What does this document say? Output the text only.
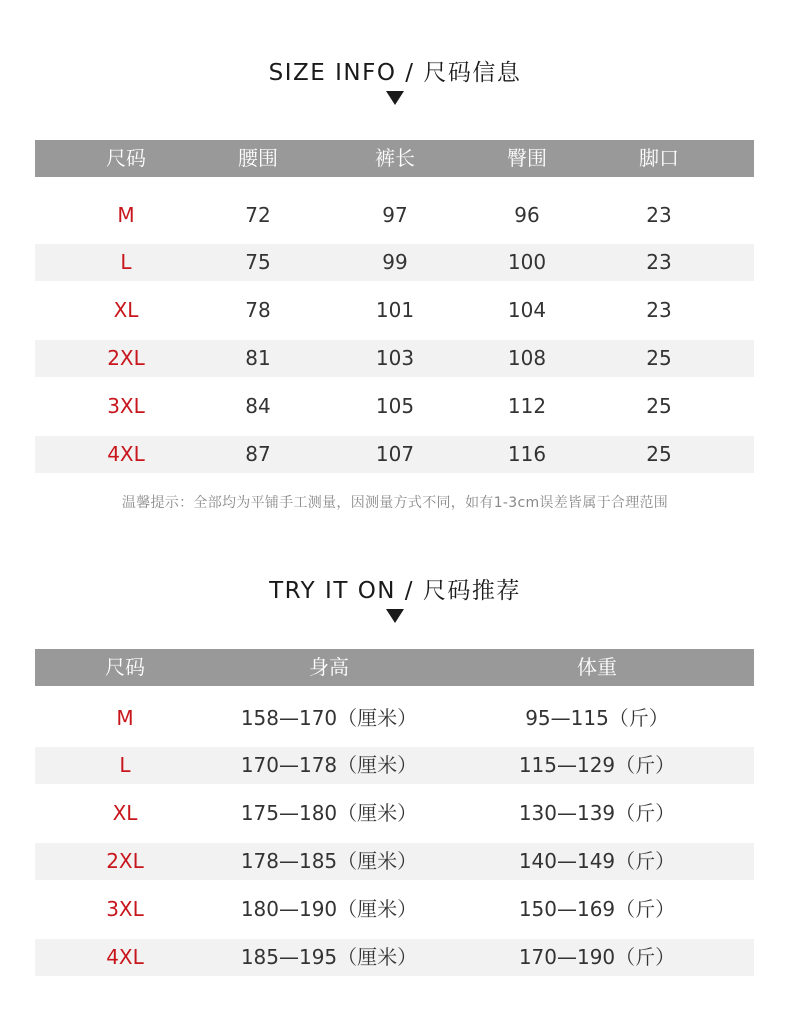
SIZE INFO / 尺码信息
尺码	腰围	裤长	臀围	脚口
M	72	97	96	23
L	75	99	100	23
XL	78	101	104	23
2XL	81	103	108	25
3XL	84	105	112	25
4XL	87	107	116	25
温馨提示：全部均为平铺手工测量，因测量方式不同，如有1-3cm误差皆属于合理范围
TRY IT ON / 尺码推荐
尺码	身高	体重
M	158—170（厘米）	95—115（斤）
L	170—178（厘米）	115—129（斤）
XL	175—180（厘米）	130—139（斤）
2XL	178—185（厘米）	140—149（斤）
3XL	180—190（厘米）	150—169（斤）
4XL	185—195（厘米）	170—190（斤）
